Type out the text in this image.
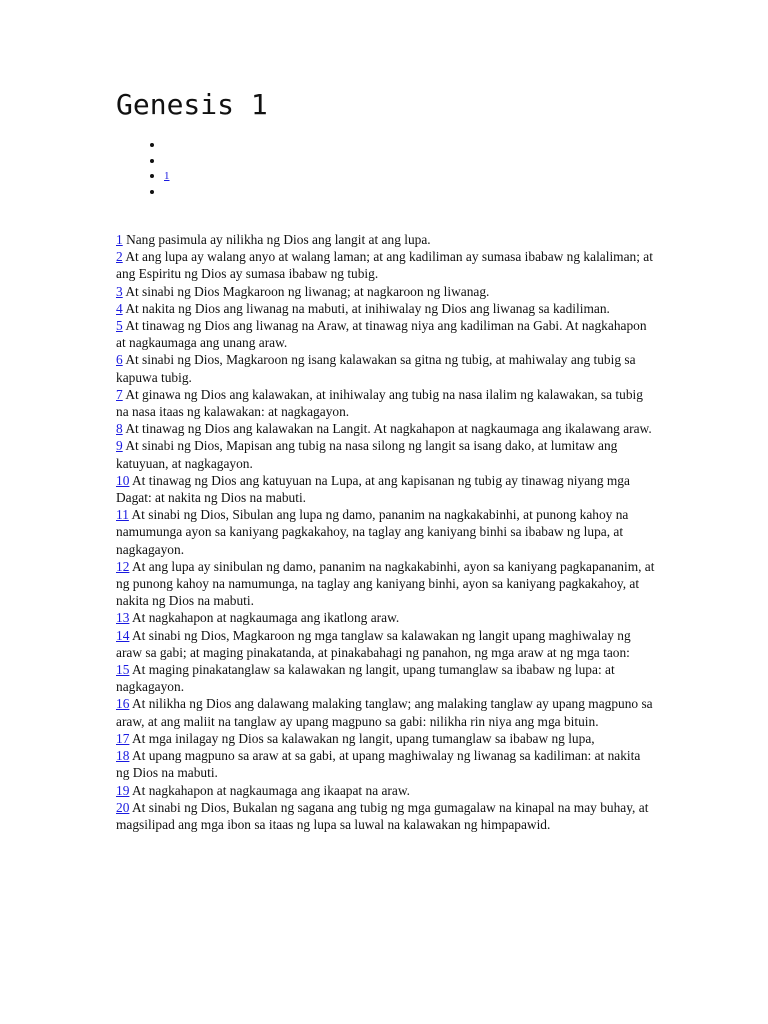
Genesis 1
•
•
• 1
•

1 Nang pasimula ay nilikha ng Dios ang langit at ang lupa.

2 At ang lupa ay walang anyo at walang laman; at ang kadiliman ay sumasa ibabaw ng kalaliman; at ang Espiritu ng Dios ay sumasa ibabaw ng tubig.

3 At sinabi ng Dios Magkaroon ng liwanag; at nagkaroon ng liwanag.

4 At nakita ng Dios ang liwanag na mabuti, at inihiwalay ng Dios ang liwanag sa kadiliman.

5 At tinawag ng Dios ang liwanag na Araw, at tinawag niya ang kadiliman na Gabi. At nagkahapon at nagkaumaga ang unang araw.

6 At sinabi ng Dios, Magkaroon ng isang kalawakan sa gitna ng tubig, at mahiwalay ang tubig sa kapuwa tubig.

7 At ginawa ng Dios ang kalawakan, at inihiwalay ang tubig na nasa ilalim ng kalawakan, sa tubig na nasa itaas ng kalawakan: at nagkagayon.

8 At tinawag ng Dios ang kalawakan na Langit. At nagkahapon at nagkaumaga ang ikalawang araw.

9 At sinabi ng Dios, Mapisan ang tubig na nasa silong ng langit sa isang dako, at lumitaw ang katuyuan, at nagkagayon.

10 At tinawag ng Dios ang katuyuan na Lupa, at ang kapisanan ng tubig ay tinawag niyang mga Dagat: at nakita ng Dios na mabuti.

11 At sinabi ng Dios, Sibulan ang lupa ng damo, pananim na nagkakabinhi, at punong kahoy na namumunga ayon sa kaniyang pagkakahoy, na taglay ang kaniyang binhi sa ibabaw ng lupa, at nagkagayon.

12 At ang lupa ay sinibulan ng damo, pananim na nagkakabinhi, ayon sa kaniyang pagkapananim, at ng punong kahoy na namumunga, na taglay ang kaniyang binhi, ayon sa kaniyang pagkakahoy, at nakita ng Dios na mabuti.

13 At nagkahapon at nagkaumaga ang ikatlong araw.

14 At sinabi ng Dios, Magkaroon ng mga tanglaw sa kalawakan ng langit upang maghiwalay ng araw sa gabi; at maging pinakatanda, at pinakabahagi ng panahon, ng mga araw at ng mga taon:

15 At maging pinakatanglaw sa kalawakan ng langit, upang tumanglaw sa ibabaw ng lupa: at nagkagayon.

16 At nilikha ng Dios ang dalawang malaking tanglaw; ang malaking tanglaw ay upang magpuno sa araw, at ang maliit na tanglaw ay upang magpuno sa gabi: nilikha rin niya ang mga bituin.

17 At mga inilagay ng Dios sa kalawakan ng langit, upang tumanglaw sa ibabaw ng lupa,

18 At upang magpuno sa araw at sa gabi, at upang maghiwalay ng liwanag sa kadiliman: at nakita ng Dios na mabuti.

19 At nagkahapon at nagkaumaga ang ikaapat na araw.

20 At sinabi ng Dios, Bukalan ng sagana ang tubig ng mga gumagalaw na kinapal na may buhay, at magsilipad ang mga ibon sa itaas ng lupa sa luwal na kalawakan ng himpapawid.
